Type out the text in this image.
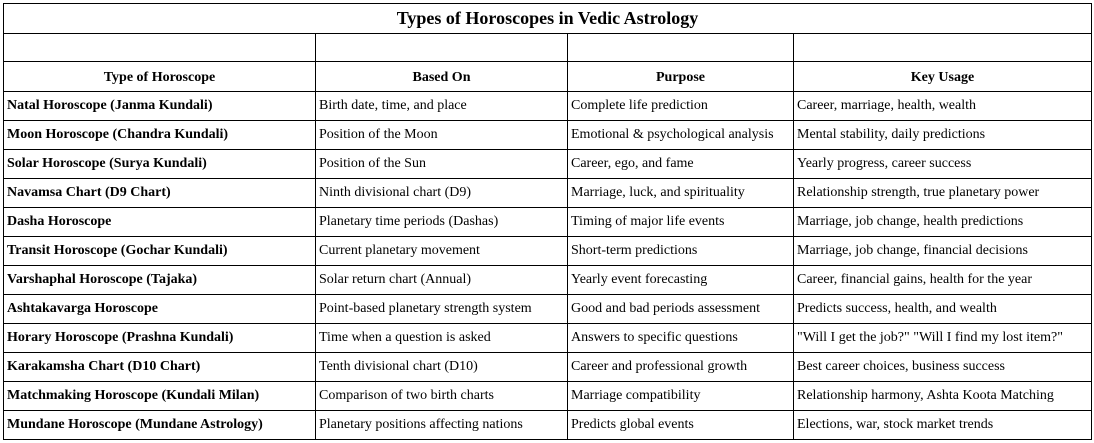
Types of Horoscopes in Vedic Astrology			

Type of Horoscope	Based On	Purpose	Key Usage
Natal Horoscope (Janma Kundali)	Birth date, time, and place	Complete life prediction	Career, marriage, health, wealth
Moon Horoscope (Chandra Kundali)	Position of the Moon	Emotional & psychological analysis	Mental stability, daily predictions
Solar Horoscope (Surya Kundali)	Position of the Sun	Career, ego, and fame	Yearly progress, career success
Navamsa Chart (D9 Chart)	Ninth divisional chart (D9)	Marriage, luck, and spirituality	Relationship strength, true planetary power
Dasha Horoscope	Planetary time periods (Dashas)	Timing of major life events	Marriage, job change, health predictions
Transit Horoscope (Gochar Kundali)	Current planetary movement	Short-term predictions	Marriage, job change, financial decisions
Varshaphal Horoscope (Tajaka)	Solar return chart (Annual)	Yearly event forecasting	Career, financial gains, health for the year
Ashtakavarga Horoscope	Point-based planetary strength system	Good and bad periods assessment	Predicts success, health, and wealth
Horary Horoscope (Prashna Kundali)	Time when a question is asked	Answers to specific questions	"Will I get the job?" "Will I find my lost item?"
Karakamsha Chart (D10 Chart)	Tenth divisional chart (D10)	Career and professional growth	Best career choices, business success
Matchmaking Horoscope (Kundali Milan)	Comparison of two birth charts	Marriage compatibility	Relationship harmony, Ashta Koota Matching
Mundane Horoscope (Mundane Astrology)	Planetary positions affecting nations	Predicts global events	Elections, war, stock market trends
